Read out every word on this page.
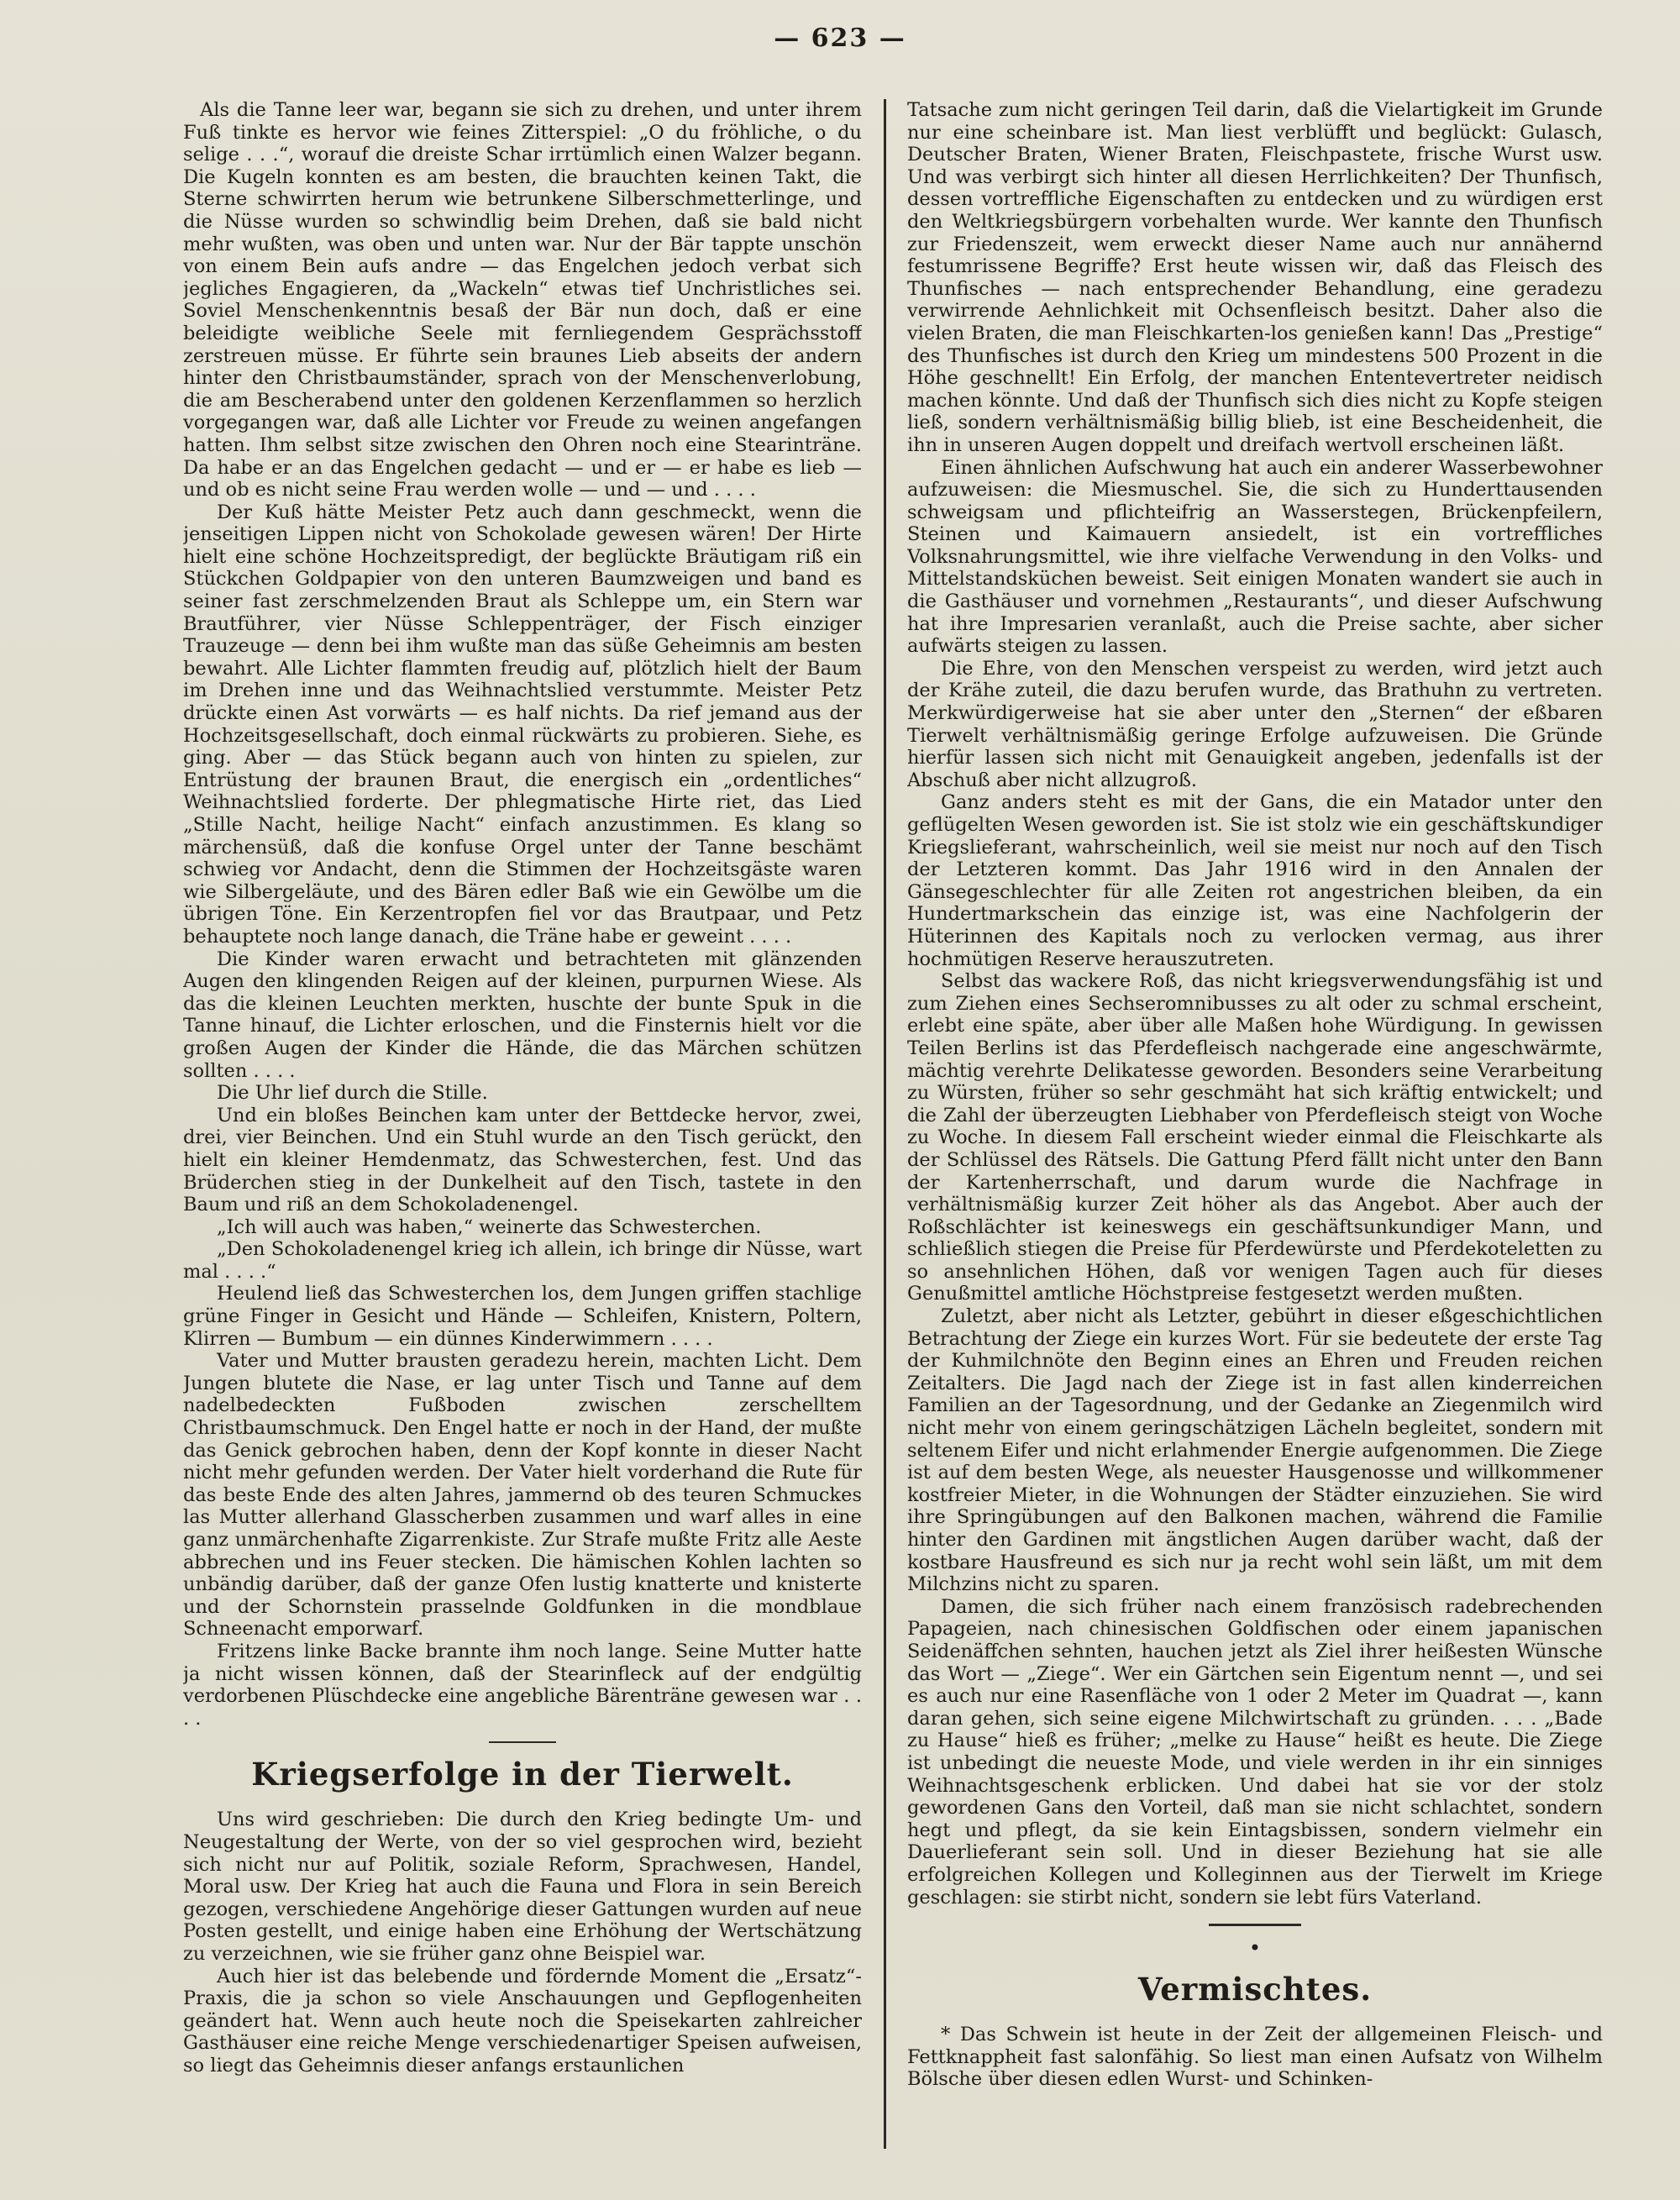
— 623 —

Als die Tanne leer war, begann sie sich zu drehen, und unter ihrem Fuß tinkte es hervor wie feines Zitterspiel: „O du fröhliche, o du selige . . .“, worauf die dreiste Schar irrtümlich einen Walzer begann. Die Kugeln konnten es am besten, die brauchten keinen Takt, die Sterne schwirrten herum wie betrunkene Silberschmetterlinge, und die Nüsse wurden so schwindlig beim Drehen, daß sie bald nicht mehr wußten, was oben und unten war. Nur der Bär tappte unschön von einem Bein aufs andre — das Engelchen jedoch verbat sich jegliches Engagieren, da „Wackeln“ etwas tief Unchristliches sei. Soviel Menschenkenntnis besaß der Bär nun doch, daß er eine beleidigte weibliche Seele mit fernliegendem Gesprächsstoff zerstreuen müsse. Er führte sein braunes Lieb abseits der andern hinter den Christbaumständer, sprach von der Menschenverlobung, die am Bescherabend unter den goldenen Kerzenflammen so herzlich vorgegangen war, daß alle Lichter vor Freude zu weinen angefangen hatten. Ihm selbst sitze zwischen den Ohren noch eine Stearinträne. Da habe er an das Engelchen gedacht — und er — er habe es lieb — und ob es nicht seine Frau werden wolle — und — und . . . .

Der Kuß hätte Meister Petz auch dann geschmeckt, wenn die jenseitigen Lippen nicht von Schokolade gewesen wären! Der Hirte hielt eine schöne Hochzeitspredigt, der beglückte Bräutigam riß ein Stückchen Goldpapier von den unteren Baumzweigen und band es seiner fast zerschmelzenden Braut als Schleppe um, ein Stern war Brautführer, vier Nüsse Schleppenträger, der Fisch einziger Trauzeuge — denn bei ihm wußte man das süße Geheimnis am besten bewahrt. Alle Lichter flammten freudig auf, plötzlich hielt der Baum im Drehen inne und das Weihnachtslied verstummte. Meister Petz drückte einen Ast vorwärts — es half nichts. Da rief jemand aus der Hochzeitsgesellschaft, doch einmal rückwärts zu probieren. Siehe, es ging. Aber — das Stück begann auch von hinten zu spielen, zur Entrüstung der braunen Braut, die energisch ein „ordentliches“ Weihnachtslied forderte. Der phlegmatische Hirte riet, das Lied „Stille Nacht, heilige Nacht“ einfach anzustimmen. Es klang so märchensüß, daß die konfuse Orgel unter der Tanne beschämt schwieg vor Andacht, denn die Stimmen der Hochzeitsgäste waren wie Silbergeläute, und des Bären edler Baß wie ein Gewölbe um die übrigen Töne. Ein Kerzentropfen fiel vor das Brautpaar, und Petz behauptete noch lange danach, die Träne habe er geweint . . . .

Die Kinder waren erwacht und betrachteten mit glänzenden Augen den klingenden Reigen auf der kleinen, purpurnen Wiese. Als das die kleinen Leuchten merkten, huschte der bunte Spuk in die Tanne hinauf, die Lichter erloschen, und die Finsternis hielt vor die großen Augen der Kinder die Hände, die das Märchen schützen sollten . . . .

Die Uhr lief durch die Stille.

Und ein bloßes Beinchen kam unter der Bettdecke hervor, zwei, drei, vier Beinchen. Und ein Stuhl wurde an den Tisch gerückt, den hielt ein kleiner Hemdenmatz, das Schwesterchen, fest. Und das Brüderchen stieg in der Dunkelheit auf den Tisch, tastete in den Baum und riß an dem Schokoladenengel.

„Ich will auch was haben,“ weinerte das Schwesterchen.

„Den Schokoladenengel krieg ich allein, ich bringe dir Nüsse, wart mal . . . .“

Heulend ließ das Schwesterchen los, dem Jungen griffen stachlige grüne Finger in Gesicht und Hände — Schleifen, Knistern, Poltern, Klirren — Bumbum — ein dünnes Kinderwimmern . . . .

Vater und Mutter brausten geradezu herein, machten Licht. Dem Jungen blutete die Nase, er lag unter Tisch und Tanne auf dem nadelbedeckten Fußboden zwischen zerschelltem Christbaumschmuck. Den Engel hatte er noch in der Hand, der mußte das Genick gebrochen haben, denn der Kopf konnte in dieser Nacht nicht mehr gefunden werden. Der Vater hielt vorderhand die Rute für das beste Ende des alten Jahres, jammernd ob des teuren Schmuckes las Mutter allerhand Glasscherben zusammen und warf alles in eine ganz unmärchenhafte Zigarrenkiste. Zur Strafe mußte Fritz alle Aeste abbrechen und ins Feuer stecken. Die hämischen Kohlen lachten so unbändig darüber, daß der ganze Ofen lustig knatterte und knisterte und der Schornstein prasselnde Goldfunken in die mondblaue Schneenacht emporwarf.

Fritzens linke Backe brannte ihm noch lange. Seine Mutter hatte ja nicht wissen können, daß der Stearinfleck auf der endgültig verdorbenen Plüschdecke eine angebliche Bärenträne gewesen war . . . .

Kriegserfolge in der Tierwelt.

Uns wird geschrieben: Die durch den Krieg bedingte Um- und Neugestaltung der Werte, von der so viel gesprochen wird, bezieht sich nicht nur auf Politik, soziale Reform, Sprachwesen, Handel, Moral usw. Der Krieg hat auch die Fauna und Flora in sein Bereich gezogen, verschiedene Angehörige dieser Gattungen wurden auf neue Posten gestellt, und einige haben eine Erhöhung der Wertschätzung zu verzeichnen, wie sie früher ganz ohne Beispiel war.

Auch hier ist das belebende und fördernde Moment die „Ersatz“-Praxis, die ja schon so viele Anschauungen und Gepflogenheiten geändert hat. Wenn auch heute noch die Speisekarten zahlreicher Gasthäuser eine reiche Menge verschiedenartiger Speisen aufweisen, so liegt das Geheimnis dieser anfangs erstaunlichen

Tatsache zum nicht geringen Teil darin, daß die Vielartigkeit im Grunde nur eine scheinbare ist. Man liest verblüfft und beglückt: Gulasch, Deutscher Braten, Wiener Braten, Fleischpastete, frische Wurst usw. Und was verbirgt sich hinter all diesen Herrlichkeiten? Der Thunfisch, dessen vortreffliche Eigenschaften zu entdecken und zu würdigen erst den Weltkriegsbürgern vorbehalten wurde. Wer kannte den Thunfisch zur Friedenszeit, wem erweckt dieser Name auch nur annähernd festumrissene Begriffe? Erst heute wissen wir, daß das Fleisch des Thunfisches — nach entsprechender Behandlung, eine geradezu verwirrende Aehnlichkeit mit Ochsenfleisch besitzt. Daher also die vielen Braten, die man Fleischkarten-los genießen kann! Das „Prestige“ des Thunfisches ist durch den Krieg um mindestens 500 Prozent in die Höhe geschnellt! Ein Erfolg, der manchen Ententevertreter neidisch machen könnte. Und daß der Thunfisch sich dies nicht zu Kopfe steigen ließ, sondern verhältnismäßig billig blieb, ist eine Bescheidenheit, die ihn in unseren Augen doppelt und dreifach wertvoll erscheinen läßt.

Einen ähnlichen Aufschwung hat auch ein anderer Wasserbewohner aufzuweisen: die Miesmuschel. Sie, die sich zu Hunderttausenden schweigsam und pflichteifrig an Wasserstegen, Brückenpfeilern, Steinen und Kaimauern ansiedelt, ist ein vortreffliches Volksnahrungsmittel, wie ihre vielfache Verwendung in den Volks- und Mittelstandsküchen beweist. Seit einigen Monaten wandert sie auch in die Gasthäuser und vornehmen „Restaurants“, und dieser Aufschwung hat ihre Impresarien veranlaßt, auch die Preise sachte, aber sicher aufwärts steigen zu lassen.

Die Ehre, von den Menschen verspeist zu werden, wird jetzt auch der Krähe zuteil, die dazu berufen wurde, das Brathuhn zu vertreten. Merkwürdigerweise hat sie aber unter den „Sternen“ der eßbaren Tierwelt verhältnismäßig geringe Erfolge aufzuweisen. Die Gründe hierfür lassen sich nicht mit Genauigkeit angeben, jedenfalls ist der Abschuß aber nicht allzugroß.

Ganz anders steht es mit der Gans, die ein Matador unter den geflügelten Wesen geworden ist. Sie ist stolz wie ein geschäftskundiger Kriegslieferant, wahrscheinlich, weil sie meist nur noch auf den Tisch der Letzteren kommt. Das Jahr 1916 wird in den Annalen der Gänsegeschlechter für alle Zeiten rot angestrichen bleiben, da ein Hundertmarkschein das einzige ist, was eine Nachfolgerin der Hüterinnen des Kapitals noch zu verlocken vermag, aus ihrer hochmütigen Reserve herauszutreten.

Selbst das wackere Roß, das nicht kriegsverwendungsfähig ist und zum Ziehen eines Sechseromnibusses zu alt oder zu schmal erscheint, erlebt eine späte, aber über alle Maßen hohe Würdigung. In gewissen Teilen Berlins ist das Pferdefleisch nachgerade eine angeschwärmte, mächtig verehrte Delikatesse geworden. Besonders seine Verarbeitung zu Würsten, früher so sehr geschmäht hat sich kräftig entwickelt; und die Zahl der überzeugten Liebhaber von Pferdefleisch steigt von Woche zu Woche. In diesem Fall erscheint wieder einmal die Fleischkarte als der Schlüssel des Rätsels. Die Gattung Pferd fällt nicht unter den Bann der Kartenherrschaft, und darum wurde die Nachfrage in verhältnismäßig kurzer Zeit höher als das Angebot. Aber auch der Roßschlächter ist keineswegs ein geschäftsunkundiger Mann, und schließlich stiegen die Preise für Pferdewürste und Pferdekoteletten zu so ansehnlichen Höhen, daß vor wenigen Tagen auch für dieses Genußmittel amtliche Höchstpreise festgesetzt werden mußten.

Zuletzt, aber nicht als Letzter, gebührt in dieser eßgeschichtlichen Betrachtung der Ziege ein kurzes Wort. Für sie bedeutete der erste Tag der Kuhmilchnöte den Beginn eines an Ehren und Freuden reichen Zeitalters. Die Jagd nach der Ziege ist in fast allen kinderreichen Familien an der Tagesordnung, und der Gedanke an Ziegenmilch wird nicht mehr von einem geringschätzigen Lächeln begleitet, sondern mit seltenem Eifer und nicht erlahmender Energie aufgenommen. Die Ziege ist auf dem besten Wege, als neuester Hausgenosse und willkommener kostfreier Mieter, in die Wohnungen der Städter einzuziehen. Sie wird ihre Springübungen auf den Balkonen machen, während die Familie hinter den Gardinen mit ängstlichen Augen darüber wacht, daß der kostbare Hausfreund es sich nur ja recht wohl sein läßt, um mit dem Milchzins nicht zu sparen.

Damen, die sich früher nach einem französisch radebrechenden Papageien, nach chinesischen Goldfischen oder einem japanischen Seidenäffchen sehnten, hauchen jetzt als Ziel ihrer heißesten Wünsche das Wort — „Ziege“. Wer ein Gärtchen sein Eigentum nennt —, und sei es auch nur eine Rasenfläche von 1 oder 2 Meter im Quadrat —, kann daran gehen, sich seine eigene Milchwirtschaft zu gründen. . . . „Bade zu Hause“ hieß es früher; „melke zu Hause“ heißt es heute. Die Ziege ist unbedingt die neueste Mode, und viele werden in ihr ein sinniges Weihnachtsgeschenk erblicken. Und dabei hat sie vor der stolz gewordenen Gans den Vorteil, daß man sie nicht schlachtet, sondern hegt und pflegt, da sie kein Eintagsbissen, sondern vielmehr ein Dauerlieferant sein soll. Und in dieser Beziehung hat sie alle erfolgreichen Kollegen und Kolleginnen aus der Tierwelt im Kriege geschlagen: sie stirbt nicht, sondern sie lebt fürs Vaterland.

•
Vermischtes.

* Das Schwein ist heute in der Zeit der allgemeinen Fleisch- und Fettknappheit fast salonfähig. So liest man einen Aufsatz von Wilhelm Bölsche über diesen edlen Wurst- und Schinken-
